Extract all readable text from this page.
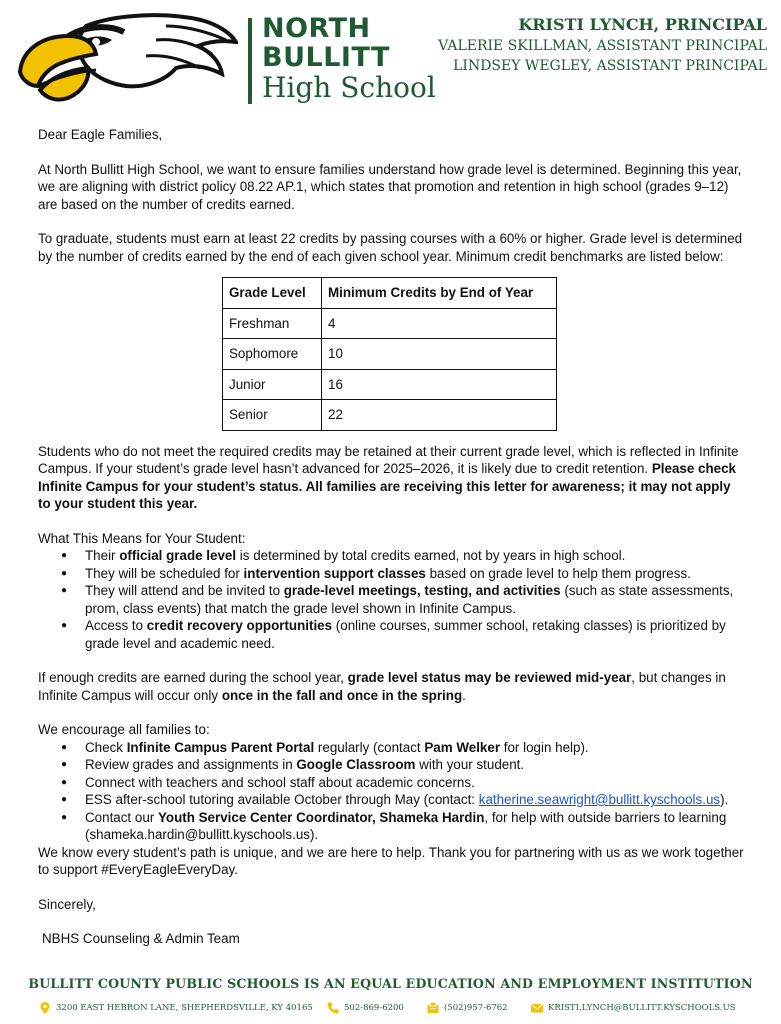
NORTH
BULLITT
High School
KRISTI LYNCH, PRINCIPAL
VALERIE SKILLMAN, ASSISTANT PRINCIPAL
LINDSEY WEGLEY, ASSISTANT PRINCIPAL

Dear Eagle Families,

At North Bullitt High School, we want to ensure families understand how grade level is determined. Beginning this year, we are aligning with district policy 08.22 AP.1, which states that promotion and retention in high school (grades 9–12) are based on the number of credits earned.

To graduate, students must earn at least 22 credits by passing courses with a 60% or higher. Grade level is determined by the number of credits earned by the end of each given school year. Minimum credit benchmarks are listed below:

Grade Level	Minimum Credits by End of Year
Freshman	4
Sophomore	10
Junior	16
Senior	22

Students who do not meet the required credits may be retained at their current grade level, which is reflected in Infinite Campus. If your student’s grade level hasn’t advanced for 2025–2026, it is likely due to credit retention. Please check Infinite Campus for your student’s status. All families are receiving this letter for awareness; it may not apply to your student this year.

What This Means for Your Student:

● Their official grade level is determined by total credits earned, not by years in high school.
● They will be scheduled for intervention support classes based on grade level to help them progress.
● They will attend and be invited to grade-level meetings, testing, and activities (such as state assessments, prom, class events) that match the grade level shown in Infinite Campus.
● Access to credit recovery opportunities (online courses, summer school, retaking classes) is prioritized by grade level and academic need.

If enough credits are earned during the school year, grade level status may be reviewed mid-year, but changes in Infinite Campus will occur only once in the fall and once in the spring.

We encourage all families to:

● Check Infinite Campus Parent Portal regularly (contact Pam Welker for login help).
● Review grades and assignments in Google Classroom with your student.
● Connect with teachers and school staff about academic concerns.
● ESS after-school tutoring available October through May (contact: katherine.seawright@bullitt.kyschools.us).
● Contact our Youth Service Center Coordinator, Shameka Hardin, for help with outside barriers to learning (shameka.hardin@bullitt.kyschools.us).

We know every student’s path is unique, and we are here to help. Thank you for partnering with us as we work together to support #EveryEagleEveryDay.

Sincerely,

NBHS Counseling & Admin Team

BULLITT COUNTY PUBLIC SCHOOLS IS AN EQUAL EDUCATION AND EMPLOYMENT INSTITUTION
3200 EAST HEBRON LANE, SHEPHERDSVILLE, KY 40165	502-869-6200	(502)957-6762	KRISTI.LYNCH@BULLITT.KYSCHOOLS.US
